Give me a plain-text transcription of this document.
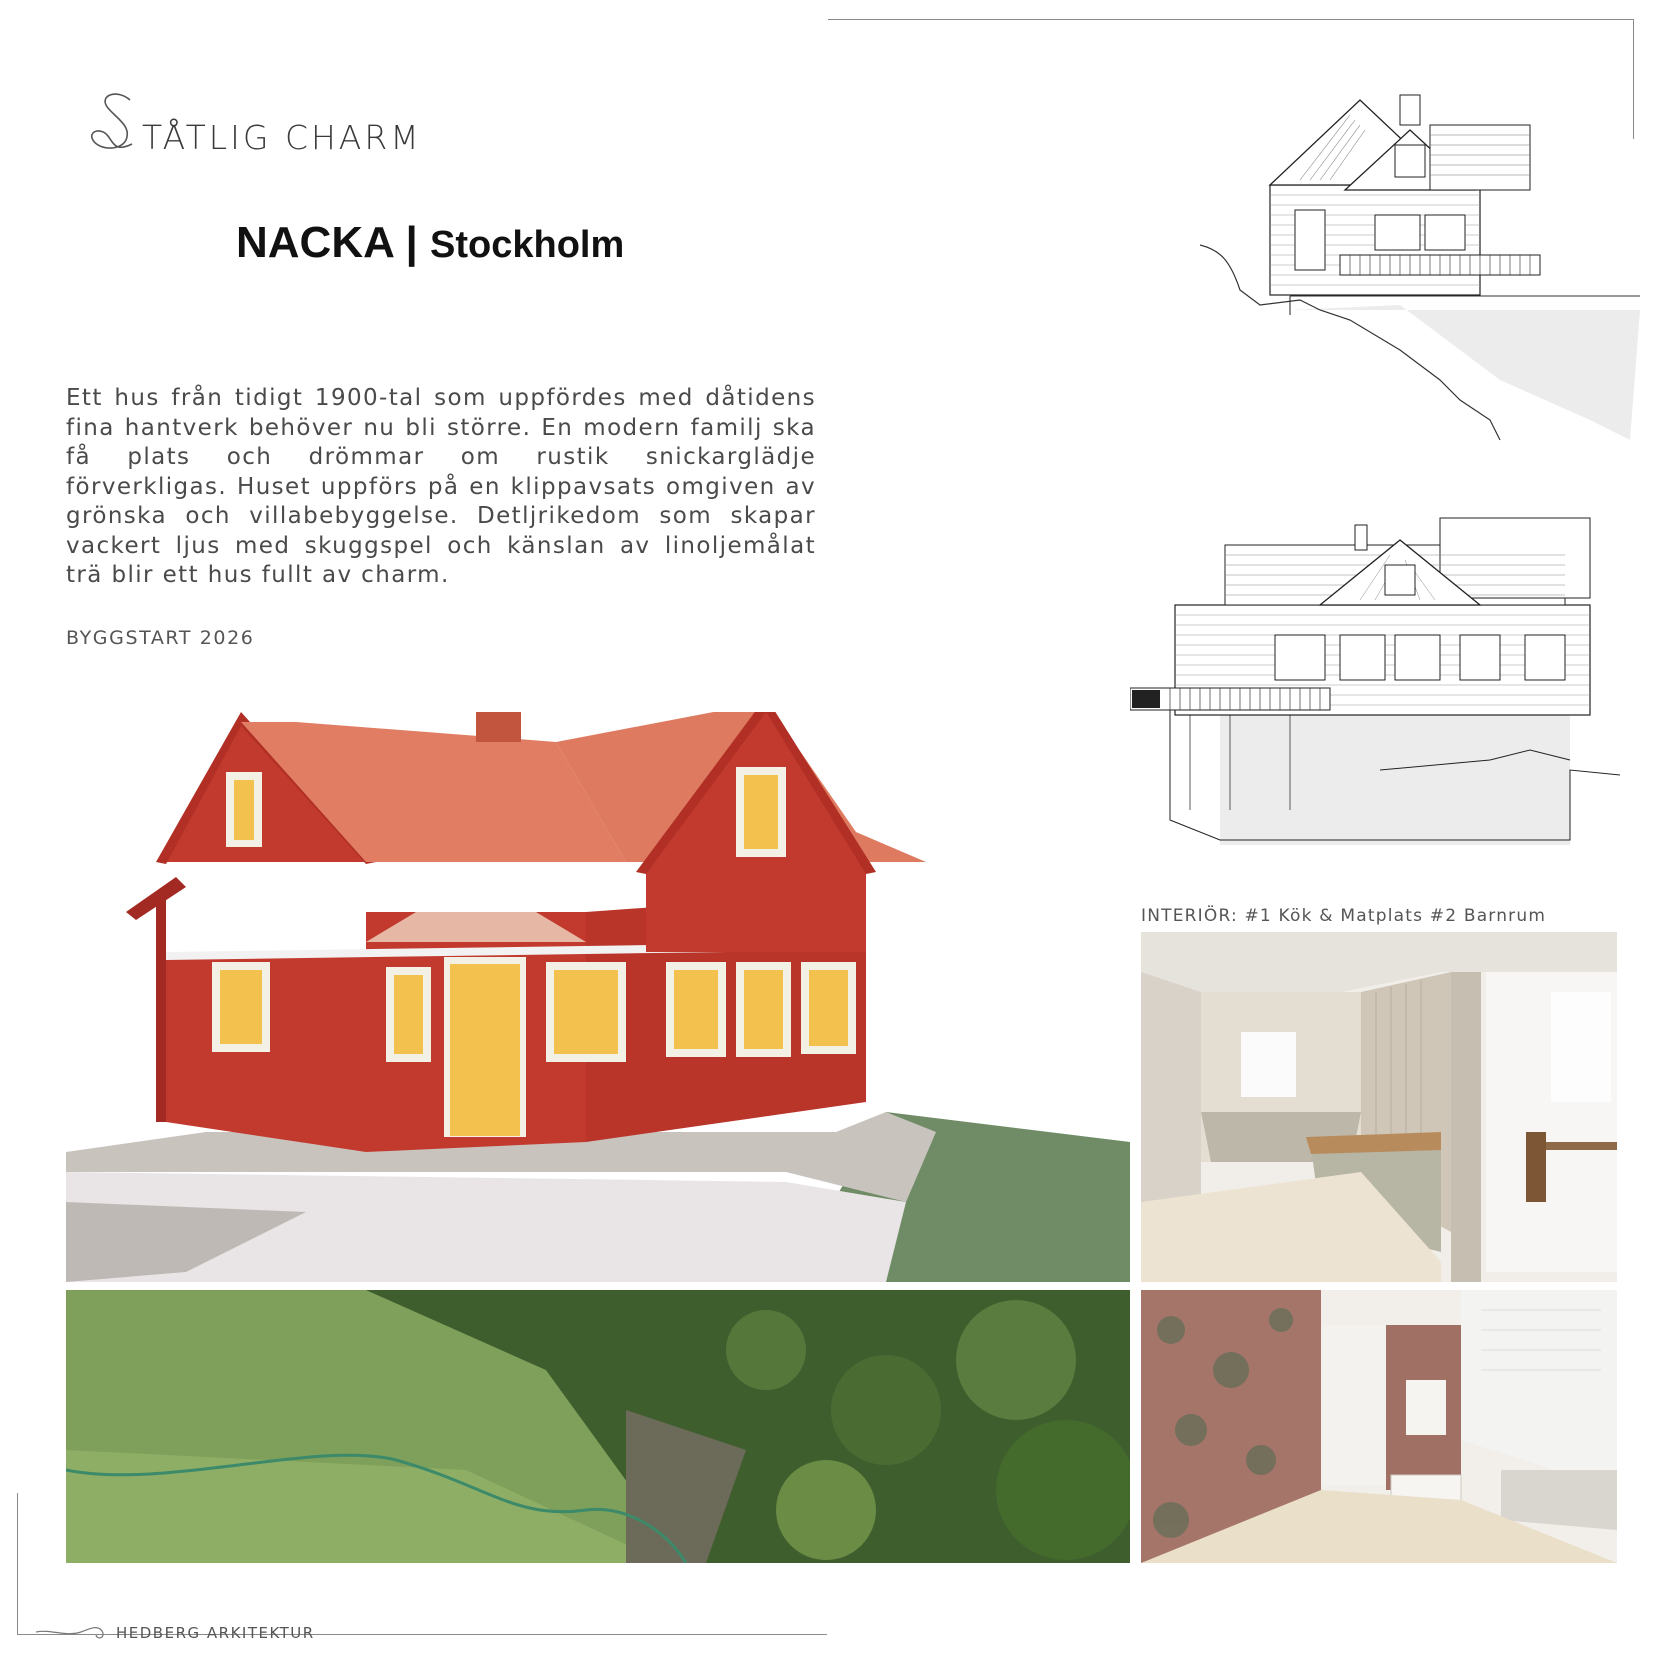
TÅTLIG CHARM
NACKA | Stockholm
Ett hus från tidigt 1900-tal som uppfördes med dåtidens fina hantverk behöver nu bli större. En modern familj ska få plats och drömmar om rustik snickarglädje förverkligas. Huset uppförs på en klippavsats omgiven av grönska och villabebyggelse. Detljrikedom som skapar vackert ljus med skuggspel och känslan av linoljemålat trä blir ett hus fullt av charm.
BYGGSTART 2026
INTERIÖR: #1 Kök & Matplats #2 Barnrum
HEDBERG ARKITEKTUR
